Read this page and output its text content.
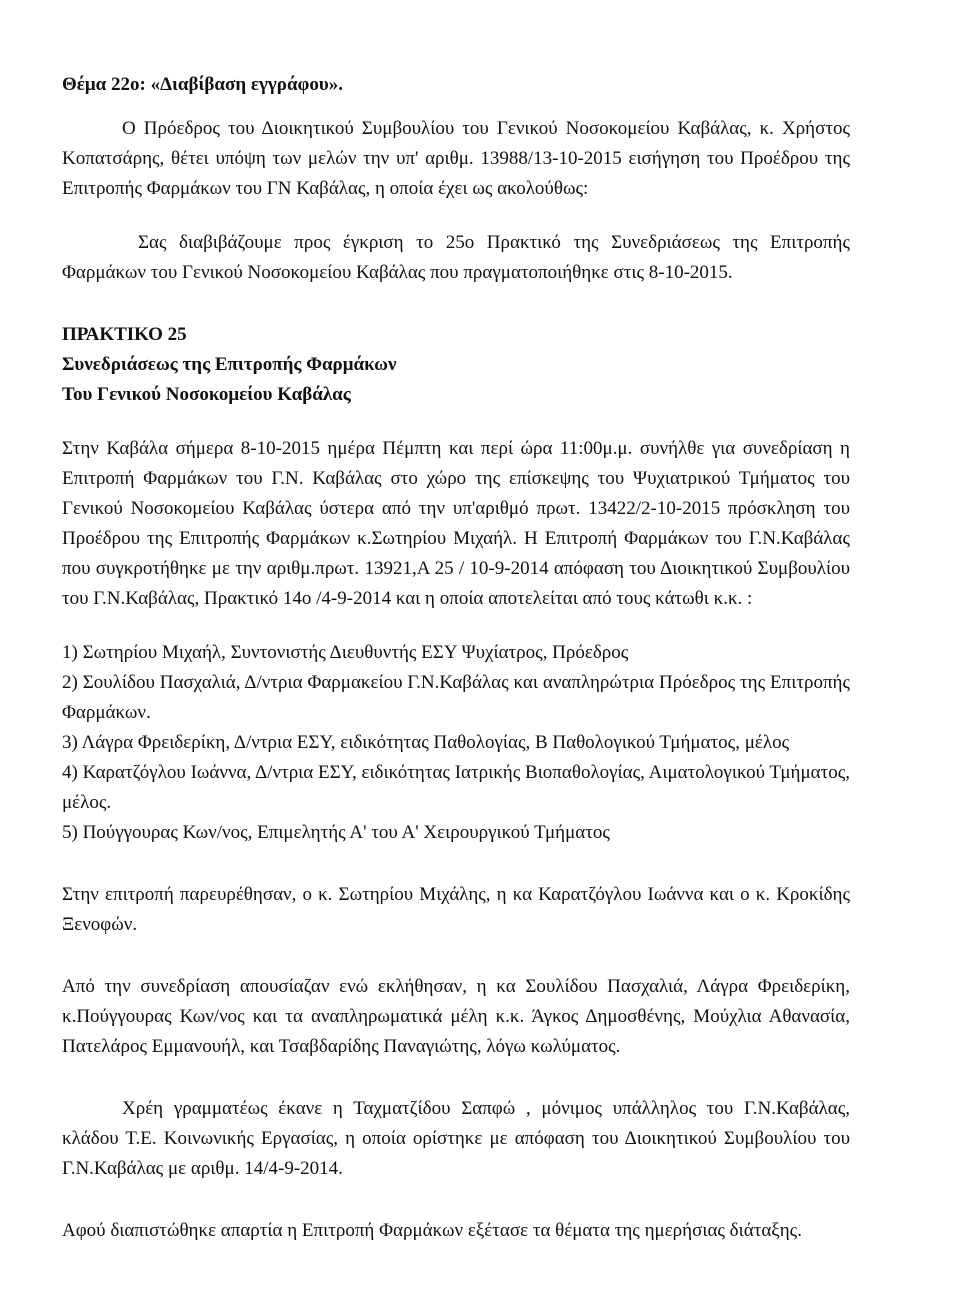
Θέμα 22ο: «Διαβίβαση εγγράφου».

Ο Πρόεδρος του Διοικητικού Συμβουλίου του Γενικού Νοσοκομείου Καβάλας, κ. Χρήστος Κοπατσάρης, θέτει υπόψη των μελών την υπ' αριθμ. 13988/13-10-2015 εισήγηση του Προέδρου της Επιτροπής Φαρμάκων του ΓΝ Καβάλας, η οποία έχει ως ακολούθως:

Σας διαβιβάζουμε προς έγκριση το 25ο Πρακτικό της Συνεδριάσεως της Επιτροπής Φαρμάκων του Γενικού Νοσοκομείου Καβάλας που πραγματοποιήθηκε στις 8-10-2015.

ΠΡΑΚΤΙΚΟ 25

Συνεδριάσεως της Επιτροπής Φαρμάκων

Του Γενικού Νοσοκομείου Καβάλας

Στην Καβάλα σήμερα 8-10-2015 ημέρα Πέμπτη και περί ώρα 11:00μ.μ. συνήλθε για συνεδρίαση η Επιτροπή Φαρμάκων του Γ.Ν. Καβάλας στο χώρο της επίσκεψης του Ψυχιατρικού Τμήματος του Γενικού Νοσοκομείου Καβάλας ύστερα από την υπ'αριθμό πρωτ. 13422/2-10-2015 πρόσκληση του Προέδρου της Επιτροπής Φαρμάκων κ.Σωτηρίου Μιχαήλ. Η Επιτροπή Φαρμάκων του Γ.Ν.Καβάλας που συγκροτήθηκε με την αριθμ.πρωτ. 13921,Α 25 / 10-9-2014 απόφαση του Διοικητικού Συμβουλίου του Γ.Ν.Καβάλας, Πρακτικό 14ο /4-9-2014 και η οποία αποτελείται από τους κάτωθι κ.κ. :

1) Σωτηρίου Μιχαήλ, Συντονιστής Διευθυντής ΕΣΥ Ψυχίατρος, Πρόεδρος

2) Σουλίδου Πασχαλιά, Δ/ντρια Φαρμακείου Γ.Ν.Καβάλας και αναπληρώτρια Πρόεδρος της Επιτροπής Φαρμάκων.

3) Λάγρα Φρειδερίκη, Δ/ντρια ΕΣΥ, ειδικότητας Παθολογίας, Β Παθολογικού Τμήματος, μέλος

4) Καρατζόγλου Ιωάννα, Δ/ντρια ΕΣΥ, ειδικότητας Ιατρικής Βιοπαθολογίας, Αιματολογικού Τμήματος, μέλος.

5) Πούγγουρας Κων/νος, Επιμελητής Α' του Α' Χειρουργικού Τμήματος

Στην επιτροπή παρευρέθησαν, ο κ. Σωτηρίου Μιχάλης, η κα Καρατζόγλου Ιωάννα και ο κ. Κροκίδης Ξενοφών.

Από την συνεδρίαση απουσίαζαν ενώ εκλήθησαν, η κα Σουλίδου Πασχαλιά, Λάγρα Φρειδερίκη, κ.Πούγγουρας Κων/νος και τα αναπληρωματικά μέλη κ.κ. Άγκος Δημοσθένης, Μούχλια Αθανασία, Πατελάρος Εμμανουήλ, και Τσαβδαρίδης Παναγιώτης, λόγω κωλύματος.

Χρέη γραμματέως έκανε η Ταχματζίδου Σαπφώ , μόνιμος υπάλληλος του Γ.Ν.Καβάλας, κλάδου Τ.Ε. Κοινωνικής Εργασίας, η οποία ορίστηκε με απόφαση του Διοικητικού Συμβουλίου του Γ.Ν.Καβάλας με αριθμ. 14/4-9-2014.

Αφού διαπιστώθηκε απαρτία η Επιτροπή Φαρμάκων εξέτασε τα θέματα της ημερήσιας διάταξης.
